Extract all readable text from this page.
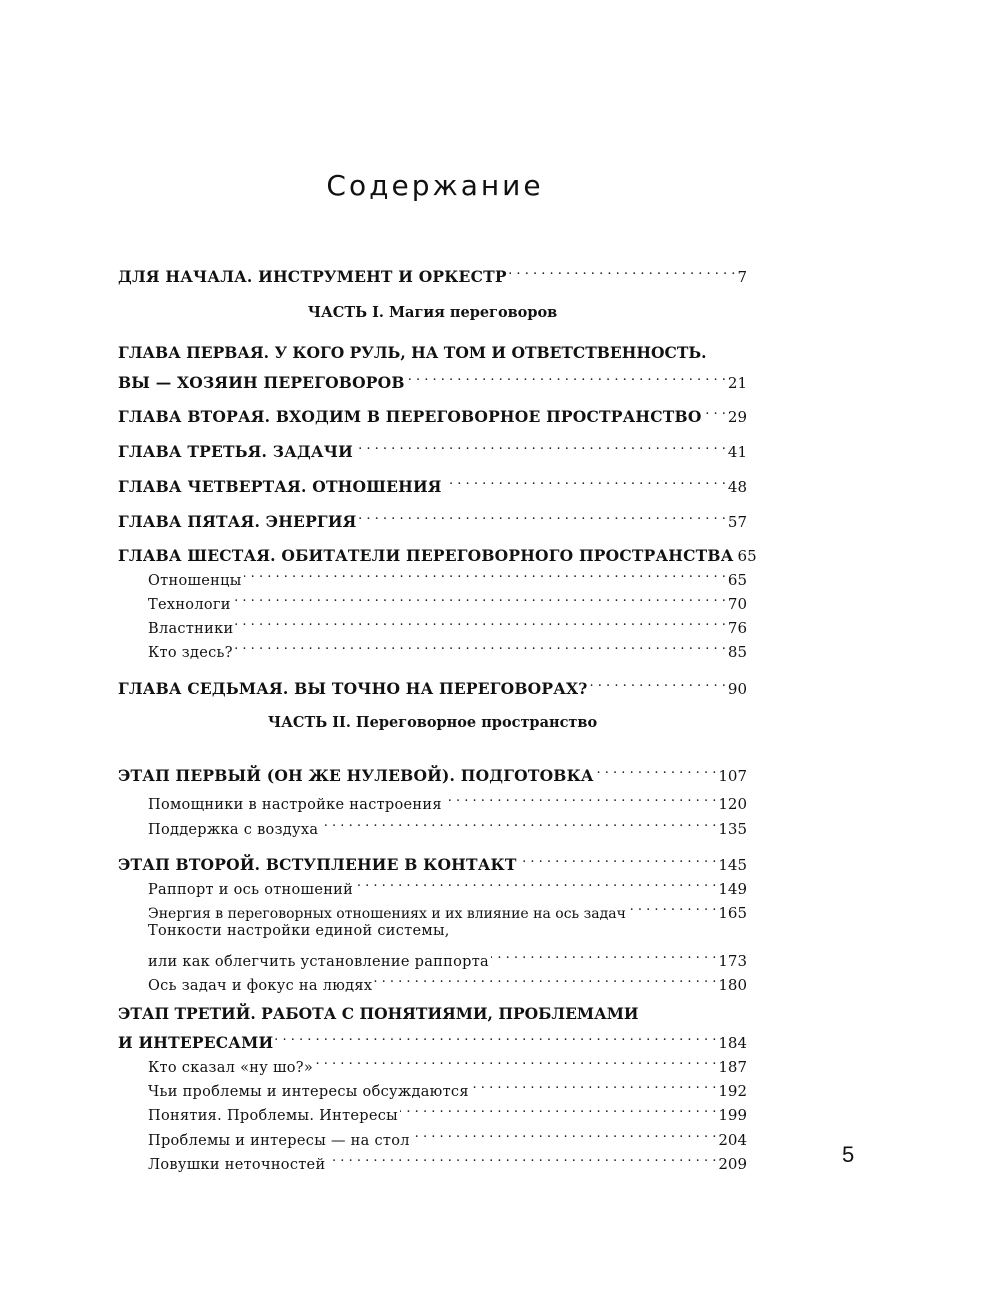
Содержание
ДЛЯ НАЧАЛА. ИНСТРУМЕНТ И ОРКЕСТР . . .	7
ЧАСТЬ I. Магия переговоров
ГЛАВА ПЕРВАЯ. У КОГО РУЛЬ, НА ТОМ И ОТВЕТСТВЕННОСТЬ.
ВЫ — ХОЗЯИН ПЕРЕГОВОРОВ . . .	21
ГЛАВА ВТОРАЯ. ВХОДИМ В ПЕРЕГОВОРНОЕ ПРОСТРАНСТВО . . . 29
ГЛАВА ТРЕТЬЯ. ЗАДАЧИ . . .	41
ГЛАВА ЧЕТВЕРТАЯ. ОТНОШЕНИЯ . . .	48
ГЛАВА ПЯТАЯ. ЭНЕРГИЯ . . .	57
ГЛАВА ШЕСТАЯ. ОБИТАТЕЛИ ПЕРЕГОВОРНОГО ПРОСТРАНСТВА 65
Отношенцы . . .	65
Технологи . . .	70
Властники . . .	76
Кто здесь? . . .	85
ГЛАВА СЕДЬМАЯ. ВЫ ТОЧНО НА ПЕРЕГОВОРАХ? . . .	90
ЧАСТЬ II. Переговорное пространство
ЭТАП ПЕРВЫЙ (ОН ЖЕ НУЛЕВОЙ). ПОДГОТОВКА . . .	107
Помощники в настройке настроения . . .	120
Поддержка с воздуха . . .	135
ЭТАП ВТОРОЙ. ВСТУПЛЕНИЕ В КОНТАКТ . . .	145
Раппорт и ось отношений . . .	149
Энергия в переговорных отношениях и их влияние на ось задач . . .	165
Тонкости настройки единой системы,
или как облегчить установление раппорта . . .	173
Ось задач и фокус на людях . . .	180
ЭТАП ТРЕТИЙ. РАБОТА С ПОНЯТИЯМИ, ПРОБЛЕМАМИ
И ИНТЕРЕСАМИ . . .	184
Кто сказал «ну шо?» . . .	187
Чьи проблемы и интересы обсуждаются . . .	192
Понятия. Проблемы. Интересы . . .	199
Проблемы и интересы — на стол . . .	204
Ловушки неточностей . . .	209	5
